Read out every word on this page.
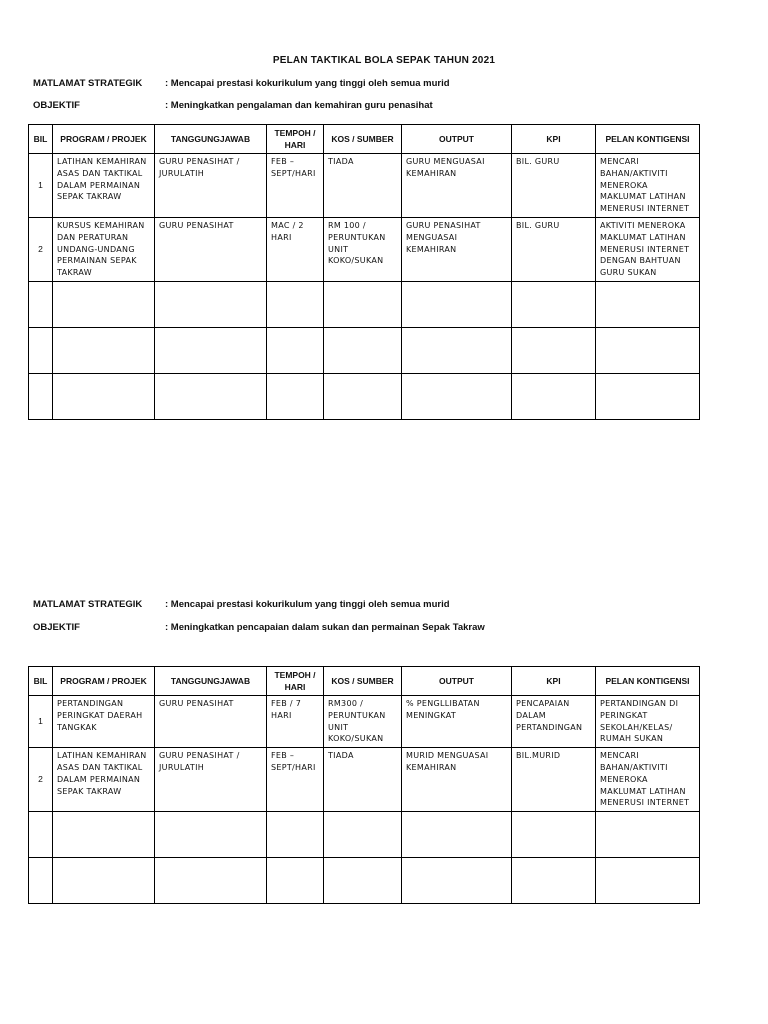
PELAN TAKTIKAL BOLA SEPAK TAHUN 2021
MATLAMAT STRATEGIK : Mencapai prestasi kokurikulum yang tinggi oleh semua murid
OBJEKTIF	: Meningkatkan pengalaman dan kemahiran guru penasihat
BIL	PROGRAM / PROJEK	TANGGUNGJAWAB	TEMPOH / HARI	KOS / SUMBER	OUTPUT	KPI	PELAN KONTIGENSI
1	LATIHAN KEMAHIRAN ASAS DAN TAKTIKAL DALAM PERMAINAN SEPAK TAKRAW	GURU PENASIHAT / JURULATIH	FEB – SEPT/HARI	TIADA	GURU MENGUASAI KEMAHIRAN	BIL. GURU	MENCARI BAHAN/AKTIVITI MENEROKA MAKLUMAT LATIHAN MENERUSI INTERNET
2	KURSUS KEMAHIRAN DAN PERATURAN UNDANG-UNDANG PERMAINAN SEPAK TAKRAW	GURU PENASIHAT	MAC / 2 HARI	RM 100 / PERUNTUKAN UNIT KOKO/SUKAN	GURU PENASIHAT MENGUASAI KEMAHIRAN	BIL. GURU	AKTIVITI MENEROKA MAKLUMAT LATIHAN MENERUSI INTERNET DENGAN BAHTUAN GURU SUKAN

MATLAMAT STRATEGIK : Mencapai prestasi kokurikulum yang tinggi oleh semua murid
OBJEKTIF	: Meningkatkan pencapaian dalam sukan dan permainan Sepak Takraw
BIL	PROGRAM / PROJEK	TANGGUNGJAWAB	TEMPOH / HARI	KOS / SUMBER	OUTPUT	KPI	PELAN KONTIGENSI
1	PERTANDINGAN PERINGKAT DAERAH TANGKAK	GURU PENASIHAT	FEB / 7 HARI	RM300 / PERUNTUKAN UNIT KOKO/SUKAN	% PENGLLIBATAN MENINGKAT	PENCAPAIAN DALAM PERTANDINGAN	PERTANDINGAN DI PERINGKAT SEKOLAH/KELAS/ RUMAH SUKAN
2	LATIHAN KEMAHIRAN ASAS DAN TAKTIKAL DALAM PERMAINAN SEPAK TAKRAW	GURU PENASIHAT / JURULATIH	FEB – SEPT/HARI	TIADA	MURID MENGUASAI KEMAHIRAN	BIL.MURID	MENCARI BAHAN/AKTIVITI MENEROKA MAKLUMAT LATIHAN MENERUSI INTERNET
